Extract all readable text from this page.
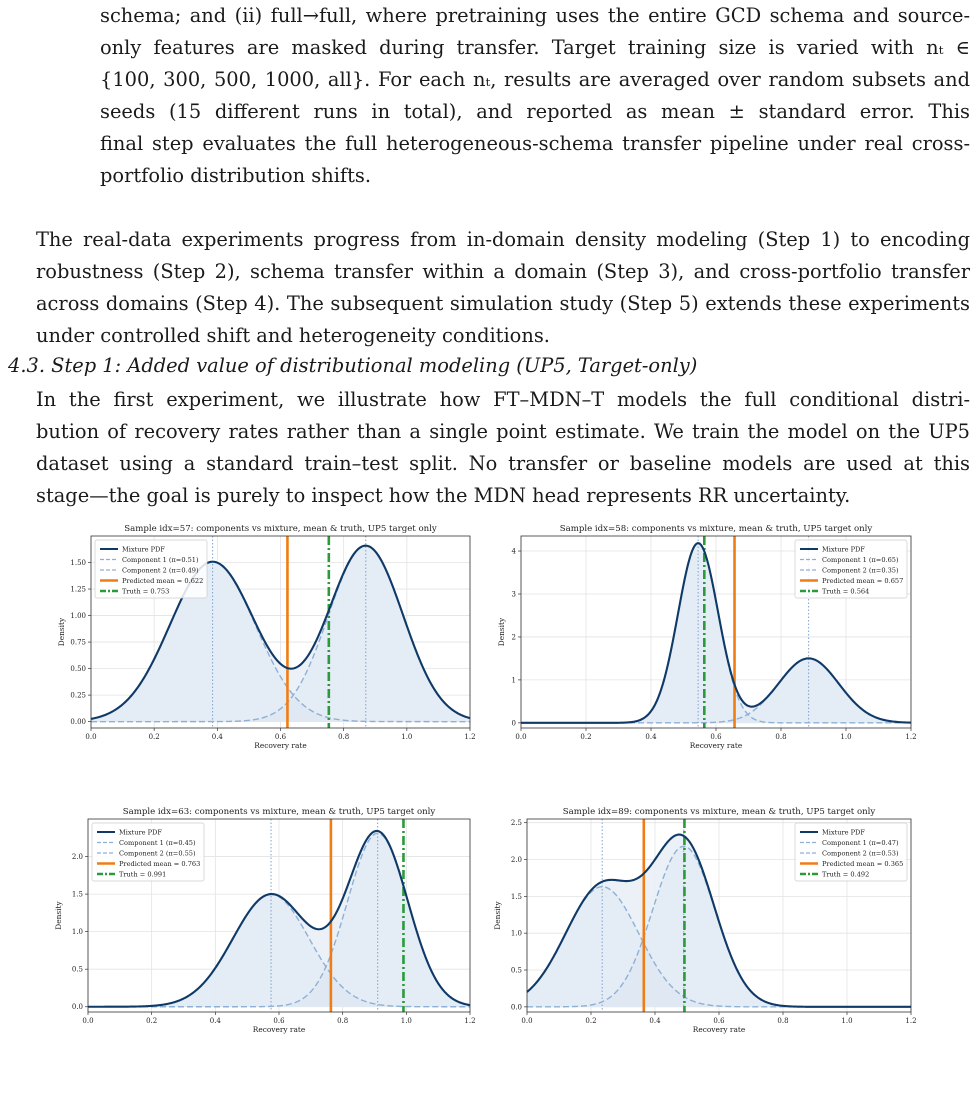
schema; and (ii) full→full, where pretraining uses the entire GCD schema and source-
only features are masked during transfer. Target training size is varied with nₜ ∈
{100, 300, 500, 1000, all}. For each nₜ, results are averaged over random subsets and
seeds (15 different runs in total), and reported as mean ± standard error. This
final step evaluates the full heterogeneous-schema transfer pipeline under real cross-
portfolio distribution shifts.
The real-data experiments progress from in-domain density modeling (Step 1) to encoding
robustness (Step 2), schema transfer within a domain (Step 3), and cross-portfolio transfer
across domains (Step 4). The subsequent simulation study (Step 5) extends these experiments
under controlled shift and heterogeneity conditions.
4.3. Step 1: Added value of distributional modeling (UP5, Target-only)
In the first experiment, we illustrate how FT–MDN–T models the full conditional distri-
bution of recovery rates rather than a single point estimate. We train the model on the UP5
dataset using a standard train–test split. No transfer or baseline models are used at this
stage—the goal is purely to inspect how the MDN head represents RR uncertainty.
Sample idx=57: components vs mixture, mean & truth, UP5 target only
0.0	0.2	0.4	0.6	0.8	1.0	1.2
0.00
0.25
0.50
0.75
1.00
1.25
1.50
Recovery rate
Density
Mixture PDF
Component 1 (π=0.51)
Component 2 (π=0.49)
Predicted mean = 0.622
Truth = 0.753
Sample idx=58: components vs mixture, mean & truth, UP5 target only
0.0	0.2	0.4	0.6	0.8	1.0	1.2
0
1
2
3
4
Recovery rate
Density
Mixture PDF
Component 1 (π=0.65)
Component 2 (π=0.35)
Predicted mean = 0.657
Truth = 0.564
Sample idx=63: components vs mixture, mean & truth, UP5 target only
0.0	0.2	0.4	0.6	0.8	1.0	1.2
0.0
0.5
1.0
1.5
2.0
Recovery rate
Density
Mixture PDF
Component 1 (π=0.45)
Component 2 (π=0.55)
Predicted mean = 0.763
Truth = 0.991
Sample idx=89: components vs mixture, mean & truth, UP5 target only
0.0	0.2	0.4	0.6	0.8	1.0	1.2
0.0
0.5
1.0
1.5
2.0
2.5
Recovery rate
Density
Mixture PDF
Component 1 (π=0.47)
Component 2 (π=0.53)
Predicted mean = 0.365
Truth = 0.492
